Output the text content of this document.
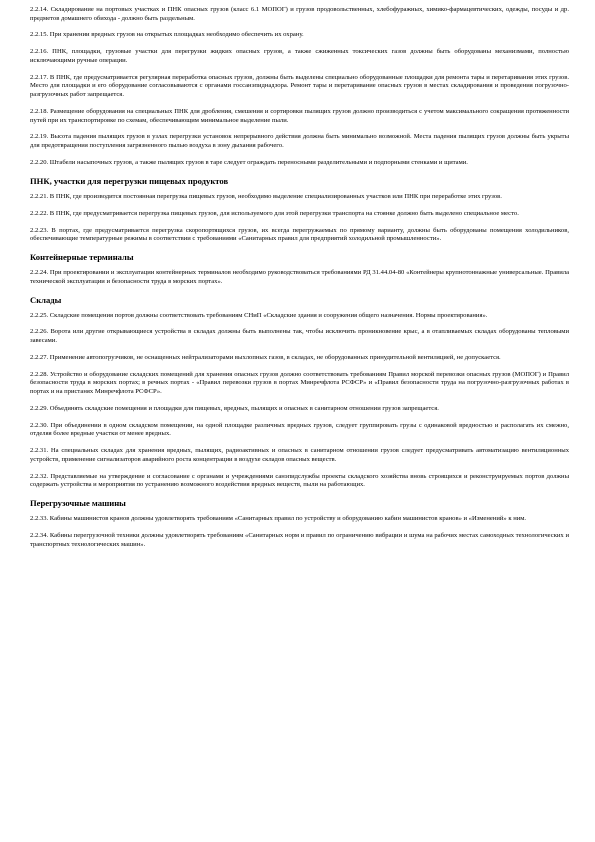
2.2.14. Складирование на портовых участках и ПНК опасных грузов (класс 6.1 МОПОГ) и грузов продовольственных, хлебофуражных, химико-фармацевтических, одежды, посуды и др. предметов домашнего обихода - должно быть раздельным.

2.2.15. При хранении вредных грузов на открытых площадках необходимо обеспечить их охрану.

2.2.16. ПНК, площадки, грузовые участки для перегрузки жидких опасных грузов, а также сжиженных токсических газов должны быть оборудованы механизмами, полностью исключающими ручные операции.

2.2.17. В ПНК, где предусматривается регулярная переработка опасных грузов, должны быть выделены специально оборудованные площадки для ремонта тары и перетаривания этих грузов. Место для площадки и его оборудование согласовываются с органами госсанэпиднадзора. Ремонт тары и перетаривание опасных грузов в местах складирования и проведения погрузочно-разгрузочных работ запрещается.

2.2.18. Размещение оборудования на специальных ПНК для дробления, смешения и сортировки пылящих грузов должно производиться с учетом максимального сокращения протяженности путей при их транспортировке по схемам, обеспечивающим минимальное выделение пыли.

2.2.19. Высота падения пылящих грузов в узлах перегрузки установок непрерывного действия должна быть минимально возможной. Места падения пылящих грузов должны быть укрыты для предотвращения поступления загрязненного пылью воздуха в зону дыхания рабочего.

2.2.20. Штабели насыпочных грузов, а также пылящих грузов в таре следует ограждать переносными разделительными и подпорными стенками и щитами.

ПНК, участки для перегрузки пищевых продуктов

2.2.21. В ПНК, где производится постоянная перегрузка пищевых грузов, необходимо выделение специализированных участков или ПНК при переработке этих грузов.

2.2.22. В ПНК, где предусматривается перегрузка пищевых грузов, для используемого для этой перегрузки транспорта на стоянке должно быть выделено специальное место.

2.2.23. В портах, где предусматривается перегрузка скоропортящихся грузов, их всегда перегружаемых по прямому варианту, должны быть оборудованы помещения холодильников, обеспечивающие температурные режимы в соответствии с требованиями «Санитарных правил для предприятий холодильной промышленности».

Контейнерные терминалы

2.2.24. При проектировании и эксплуатации контейнерных терминалов необходимо руководствоваться требованиями РД 31.44.04-80 «Контейнеры крупнотоннажные универсальные. Правила технической эксплуатации и безопасности труда в морских портах».

Склады

2.2.25. Складские помещения портов должны соответствовать требованиям СНиП «Складские здания и сооружения общего назначения. Нормы проектирования».

2.2.26. Ворота или другие открывающиеся устройства в складах должны быть выполнены так, чтобы исключить проникновение крыс, а в отапливаемых складах оборудованы тепловыми завесами.

2.2.27. Применение автопогрузчиков, не оснащенных нейтрализаторами выхлопных газов, в складах, не оборудованных принудительной вентиляцией, не допускается.

2.2.28. Устройство и оборудование складских помещений для хранения опасных грузов должно соответствовать требованиям Правил морской перевозки опасных грузов (МОПОГ) и Правил безопасности труда в морских портах; в речных портах - «Правил перевозки грузов в портах Минречфлота РСФСР» и «Правил безопасности труда на погрузочно-разгрузочных работах в портах и на пристанях Минречфлота РСФСР».

2.2.29. Объединять складские помещения и площадки для пищевых, вредных, пылящих и опасных в санитарном отношении грузов запрещается.

2.2.30. При объединении в одном складском помещении, на одной площадке различных вредных грузов, следует группировать грузы с одинаковой вредностью и располагать их смежно, отделяя более вредные участки от менее вредных.

2.2.31. На специальных складах для хранения вредных, пылящих, радиоактивных и опасных в санитарном отношении грузов следует предусматривать автоматизацию вентиляционных устройств, применение сигнализаторов аварийного роста концентрации в воздухе складов опасных веществ.

2.2.32. Представляемые на утверждение и согласование с органами и учреждениями санэпидслужбы проекты складского хозяйства вновь строящихся и реконструируемых портов должны содержать устройства и мероприятия по устранению возможного воздействия вредных веществ, пыли на работающих.

Перегрузочные машины

2.2.33. Кабины машинистов кранов должны удовлетворять требованиям «Санитарных правил по устройству и оборудованию кабин машинистов кранов» и «Изменений» к ним.

2.2.34. Кабины перегрузочной техники должны удовлетворять требованиям «Санитарных норм и правил по ограничению вибрации и шума на рабочих местах самоходных технологических и транспортных технологических машин».
